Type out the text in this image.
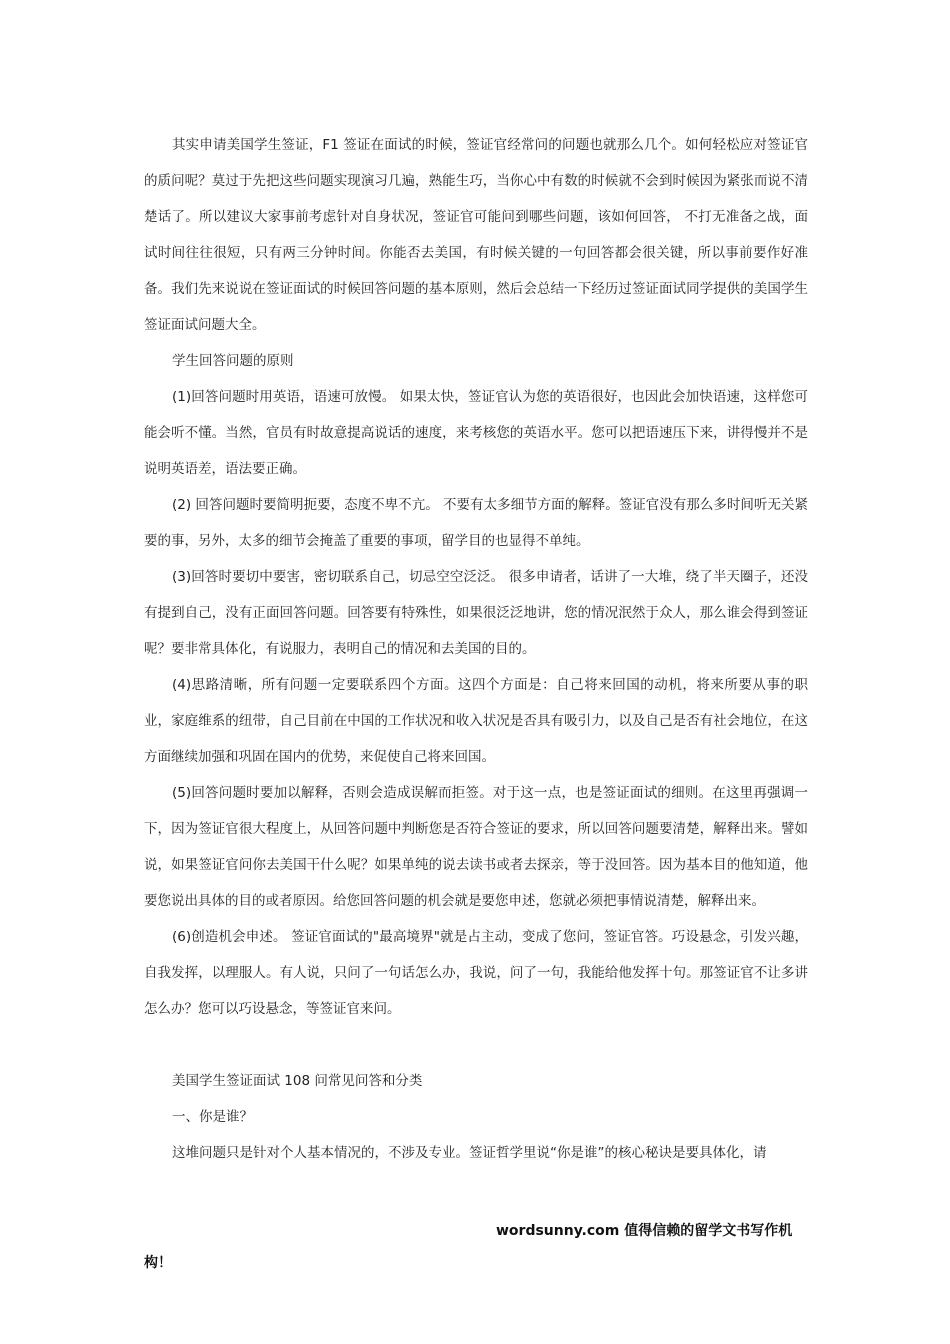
其实申请美国学生签证，F1 签证在面试的时候，签证官经常问的问题也就那么几个。如何轻松应对签证官的质问呢？莫过于先把这些问题实现演习几遍，熟能生巧，当你心中有数的时候就不会到时候因为紧张而说不清楚话了。所以建议大家事前考虑针对自身状况，签证官可能问到哪些问题，该如何回答， 不打无准备之战，面试时间往往很短，只有两三分钟时间。你能否去美国，有时候关键的一句回答都会很关键，所以事前要作好准备。我们先来说说在签证面试的时候回答问题的基本原则，然后会总结一下经历过签证面试同学提供的美国学生签证面试问题大全。

学生回答问题的原则

(1)回答问题时用英语，语速可放慢。 如果太快，签证官认为您的英语很好，也因此会加快语速，这样您可能会听不懂。当然，官员有时故意提高说话的速度，来考核您的英语水平。您可以把语速压下来，讲得慢并不是说明英语差，语法要正确。

(2) 回答问题时要简明扼要，态度不卑不亢。 不要有太多细节方面的解释。签证官没有那么多时间听无关紧要的事，另外，太多的细节会掩盖了重要的事项，留学目的也显得不单纯。

(3)回答时要切中要害，密切联系自己，切忌空空泛泛。 很多申请者，话讲了一大堆，绕了半天圈子，还没有提到自己，没有正面回答问题。回答要有特殊性，如果很泛泛地讲，您的情况泯然于众人，那么谁会得到签证呢？要非常具体化，有说服力，表明自己的情况和去美国的目的。

(4)思路清晰，所有问题一定要联系四个方面。这四个方面是：自己将来回国的动机，将来所要从事的职业，家庭维系的纽带，自己目前在中国的工作状况和收入状况是否具有吸引力，以及自己是否有社会地位，在这方面继续加强和巩固在国内的优势，来促使自己将来回国。

(5)回答问题时要加以解释，否则会造成误解而拒签。对于这一点，也是签证面试的细则。在这里再强调一下，因为签证官很大程度上，从回答问题中判断您是否符合签证的要求，所以回答问题要清楚，解释出来。譬如说，如果签证官问你去美国干什么呢？如果单纯的说去读书或者去探亲，等于没回答。因为基本目的他知道，他要您说出具体的目的或者原因。给您回答问题的机会就是要您申述，您就必须把事情说清楚，解释出来。

(6)创造机会申述。 签证官面试的"最高境界"就是占主动，变成了您问，签证官答。巧设悬念，引发兴趣，自我发挥，以理服人。有人说，只问了一句话怎么办，我说，问了一句，我能给他发挥十句。那签证官不让多讲怎么办？您可以巧设悬念，等签证官来问。

美国学生签证面试 108 问常见问答和分类

一、你是谁？

这堆问题只是针对个人基本情况的，不涉及专业。签证哲学里说“你是谁”的核心秘诀是要具体化，请

wordsunny.com 值得信赖的留学文书写作机
构！
